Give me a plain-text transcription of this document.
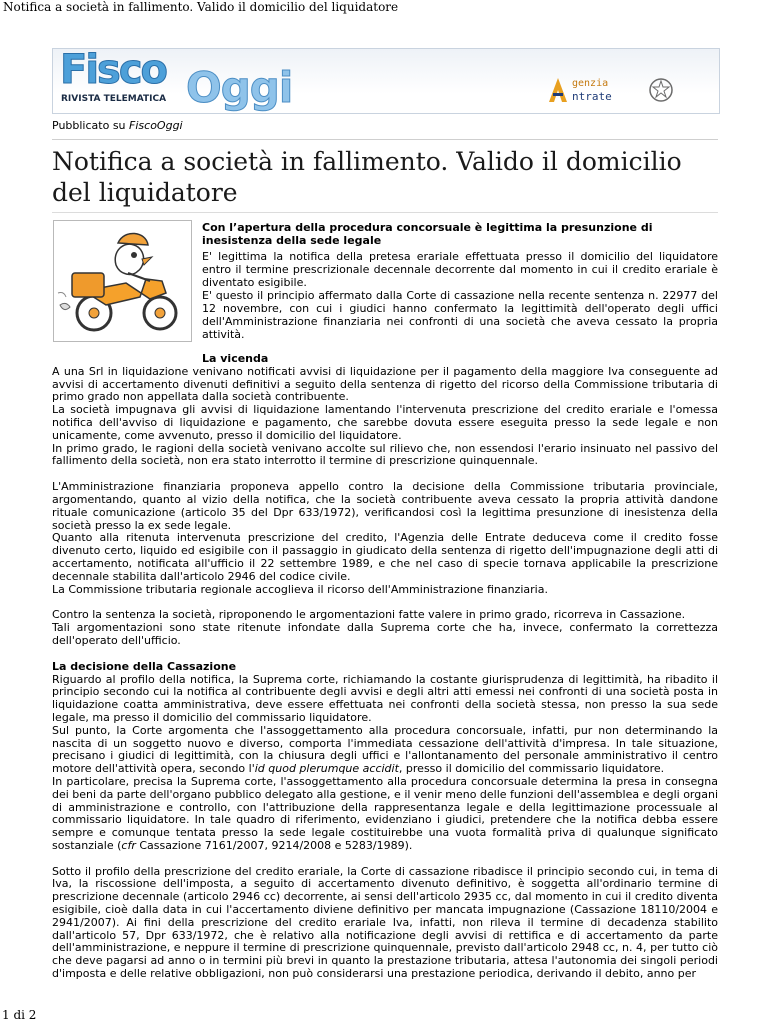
Notifica a società in fallimento. Valido il domicilio del liquidatore
Fisco Oggi
RIVISTA TELEMATICA
genzia
ntrate
Pubblicato su FiscoOggi
Notifica a società in fallimento. Valido il domicilio del liquidatore

Con l’apertura della procedura concorsuale è legittima la presunzione di inesistenza della sede legale

E' legittima la notifica della pretesa erariale effettuata presso il domicilio del liquidatore entro il termine prescrizionale decennale decorrente dal momento in cui il credito erariale è diventato esigibile.

E' questo il principio affermato dalla Corte di cassazione nella recente sentenza n. 22977 del 12 novembre, con cui i giudici hanno confermato la legittimità dell'operato degli uffici dell'Amministrazione finanziaria nei confronti di una società che aveva cessato la propria attività.

La vicenda

A una Srl in liquidazione venivano notificati avvisi di liquidazione per il pagamento della maggiore Iva conseguente ad avvisi di accertamento divenuti definitivi a seguito della sentenza di rigetto del ricorso della Commissione tributaria di primo grado non appellata dalla società contribuente.

La società impugnava gli avvisi di liquidazione lamentando l'intervenuta prescrizione del credito erariale e l'omessa notifica dell'avviso di liquidazione e pagamento, che sarebbe dovuta essere eseguita presso la sede legale e non unicamente, come avvenuto, presso il domicilio del liquidatore.

In primo grado, le ragioni della società venivano accolte sul rilievo che, non essendosi l'erario insinuato nel passivo del fallimento della società, non era stato interrotto il termine di prescrizione quinquennale.

L'Amministrazione finanziaria proponeva appello contro la decisione della Commissione tributaria provinciale, argomentando, quanto al vizio della notifica, che la società contribuente aveva cessato la propria attività dandone rituale comunicazione (articolo 35 del Dpr 633/1972), verificandosi così la legittima presunzione di inesistenza della società presso la ex sede legale.

Quanto alla ritenuta intervenuta prescrizione del credito, l'Agenzia delle Entrate deduceva come il credito fosse divenuto certo, liquido ed esigibile con il passaggio in giudicato della sentenza di rigetto dell'impugnazione degli atti di accertamento, notificata all'ufficio il 22 settembre 1989, e che nel caso di specie tornava applicabile la prescrizione decennale stabilita dall'articolo 2946 del codice civile.

La Commissione tributaria regionale accoglieva il ricorso dell'Amministrazione finanziaria.

Contro la sentenza la società, riproponendo le argomentazioni fatte valere in primo grado, ricorreva in Cassazione.

Tali argomentazioni sono state ritenute infondate dalla Suprema corte che ha, invece, confermato la correttezza dell'operato dell'ufficio.

La decisione della Cassazione

Riguardo al profilo della notifica, la Suprema corte, richiamando la costante giurisprudenza di legittimità, ha ribadito il principio secondo cui la notifica al contribuente degli avvisi e degli altri atti emessi nei confronti di una società posta in liquidazione coatta amministrativa, deve essere effettuata nei confronti della società stessa, non presso la sua sede legale, ma presso il domicilio del commissario liquidatore.

Sul punto, la Corte argomenta che l'assoggettamento alla procedura concorsuale, infatti, pur non determinando la nascita di un soggetto nuovo e diverso, comporta l'immediata cessazione dell'attività d'impresa. In tale situazione, precisano i giudici di legittimità, con la chiusura degli uffici e l'allontanamento del personale amministrativo il centro motore dell'attività opera, secondo l'id quod plerumque accidit, presso il domicilio del commissario liquidatore.

In particolare, precisa la Suprema corte, l'assoggettamento alla procedura concorsuale determina la presa in consegna dei beni da parte dell'organo pubblico delegato alla gestione, e il venir meno delle funzioni dell'assemblea e degli organi di amministrazione e controllo, con l'attribuzione della rappresentanza legale e della legittimazione processuale al commissario liquidatore. In tale quadro di riferimento, evidenziano i giudici, pretendere che la notifica debba essere sempre e comunque tentata presso la sede legale costituirebbe una vuota formalità priva di qualunque significato sostanziale (cfr Cassazione 7161/2007, 9214/2008 e 5283/1989).

Sotto il profilo della prescrizione del credito erariale, la Corte di cassazione ribadisce il principio secondo cui, in tema di Iva, la riscossione dell'imposta, a seguito di accertamento divenuto definitivo, è soggetta all'ordinario termine di prescrizione decennale (articolo 2946 cc) decorrente, ai sensi dell'articolo 2935 cc, dal momento in cui il credito diventa esigibile, cioè dalla data in cui l'accertamento diviene definitivo per mancata impugnazione (Cassazione 18110/2004 e 2941/2007). Ai fini della prescrizione del credito erariale Iva, infatti, non rileva il termine di decadenza stabilito dall'articolo 57, Dpr 633/1972, che è relativo alla notificazione degli avvisi di rettifica e di accertamento da parte dell'amministrazione, e neppure il termine di prescrizione quinquennale, previsto dall'articolo 2948 cc, n. 4, per tutto ciò che deve pagarsi ad anno o in termini più brevi in quanto la prestazione tributaria, attesa l'autonomia dei singoli periodi d'imposta e delle relative obbligazioni, non può considerarsi una prestazione periodica, derivando il debito, anno per

1 di 2
